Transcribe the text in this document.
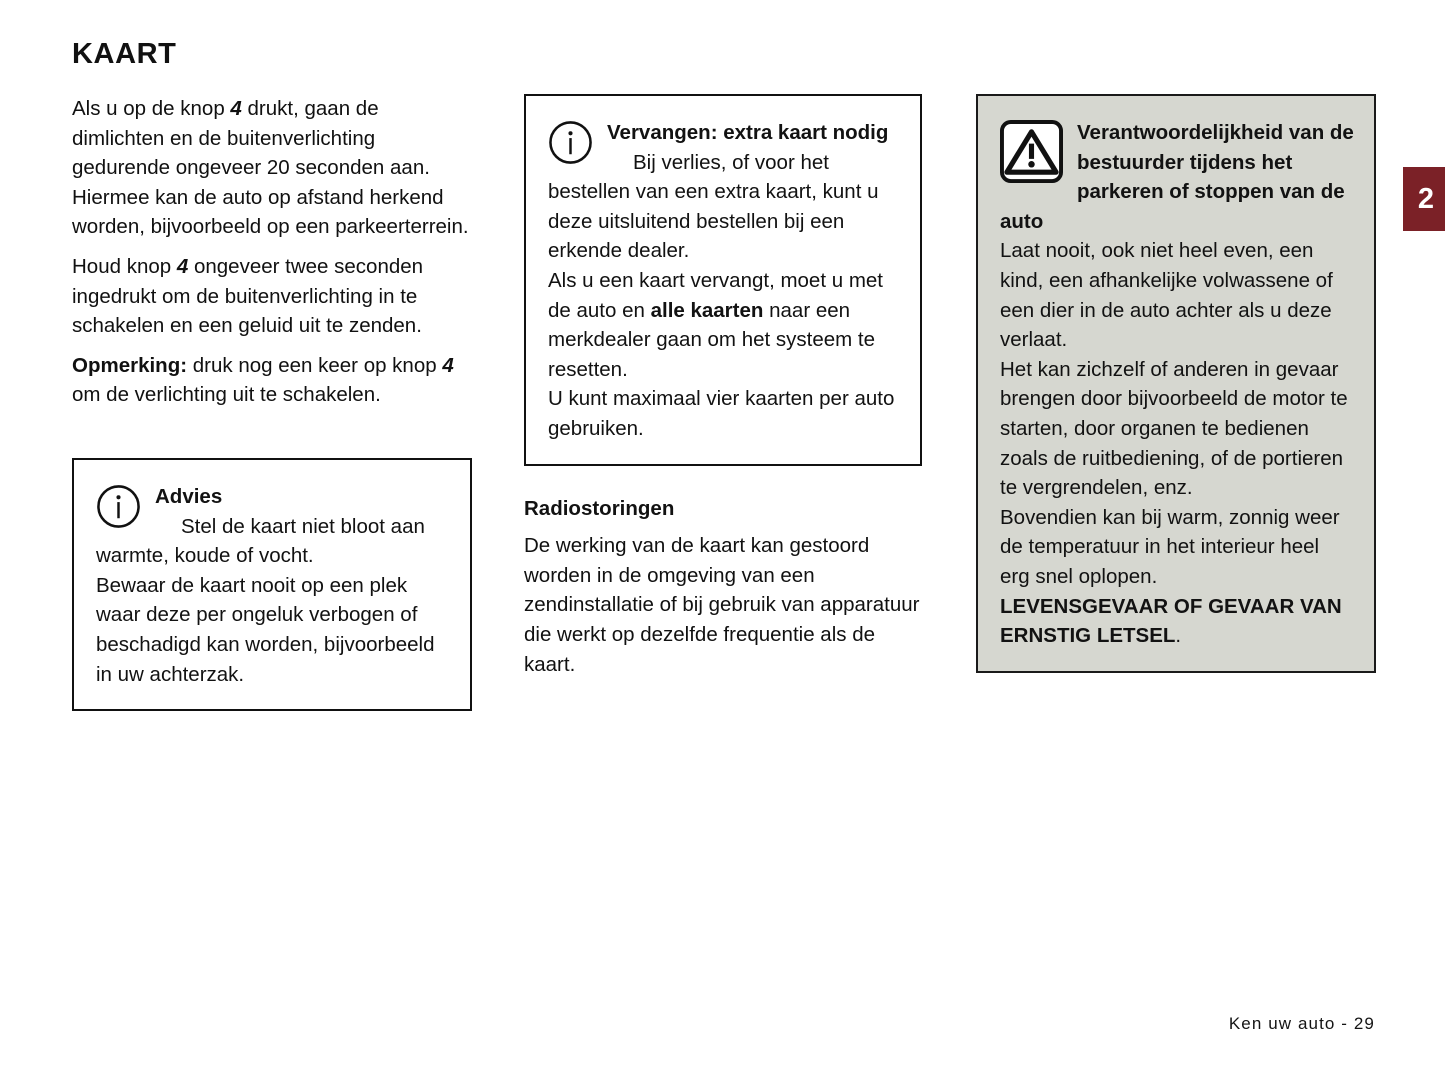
KAART

Als u op de knop 4 drukt, gaan de dimlichten en de buitenverlichting gedurende ongeveer 20 seconden aan. Hiermee kan de auto op afstand herkend worden, bijvoorbeeld op een parkeerterrein.

Houd knop 4 ongeveer twee seconden ingedrukt om de buitenverlichting in te schakelen en een geluid uit te zenden.

Opmerking: druk nog een keer op knop 4 om de verlichting uit te schakelen.

Advies

Stel de kaart niet bloot aan warmte, koude of vocht.

Bewaar de kaart nooit op een plek waar deze per ongeluk verbogen of beschadigd kan worden, bijvoorbeeld in uw achterzak.

Vervangen: extra kaart nodig

Bij verlies, of voor het bestellen van een extra kaart, kunt u deze uitsluitend bestellen bij een erkende dealer.

Als u een kaart vervangt, moet u met de auto en alle kaarten naar een merkdealer gaan om het systeem te resetten.

U kunt maximaal vier kaarten per auto gebruiken.

Radiostoringen

De werking van de kaart kan gestoord worden in de omgeving van een zendinstallatie of bij gebruik van apparatuur die werkt op dezelfde frequentie als de kaart.

Verantwoordelijkheid van de bestuurder tijdens het parkeren of stoppen van de auto

Laat nooit, ook niet heel even, een kind, een afhankelijke volwassene of een dier in de auto achter als u deze verlaat.

Het kan zichzelf of anderen in gevaar brengen door bijvoorbeeld de motor te starten, door organen te bedienen zoals de ruitbediening, of de portieren te vergrendelen, enz.

Bovendien kan bij warm, zonnig weer de temperatuur in het interieur heel erg snel oplopen.

LEVENSGEVAAR OF GEVAAR VAN ERNSTIG LETSEL.

2
Ken uw auto - 29
